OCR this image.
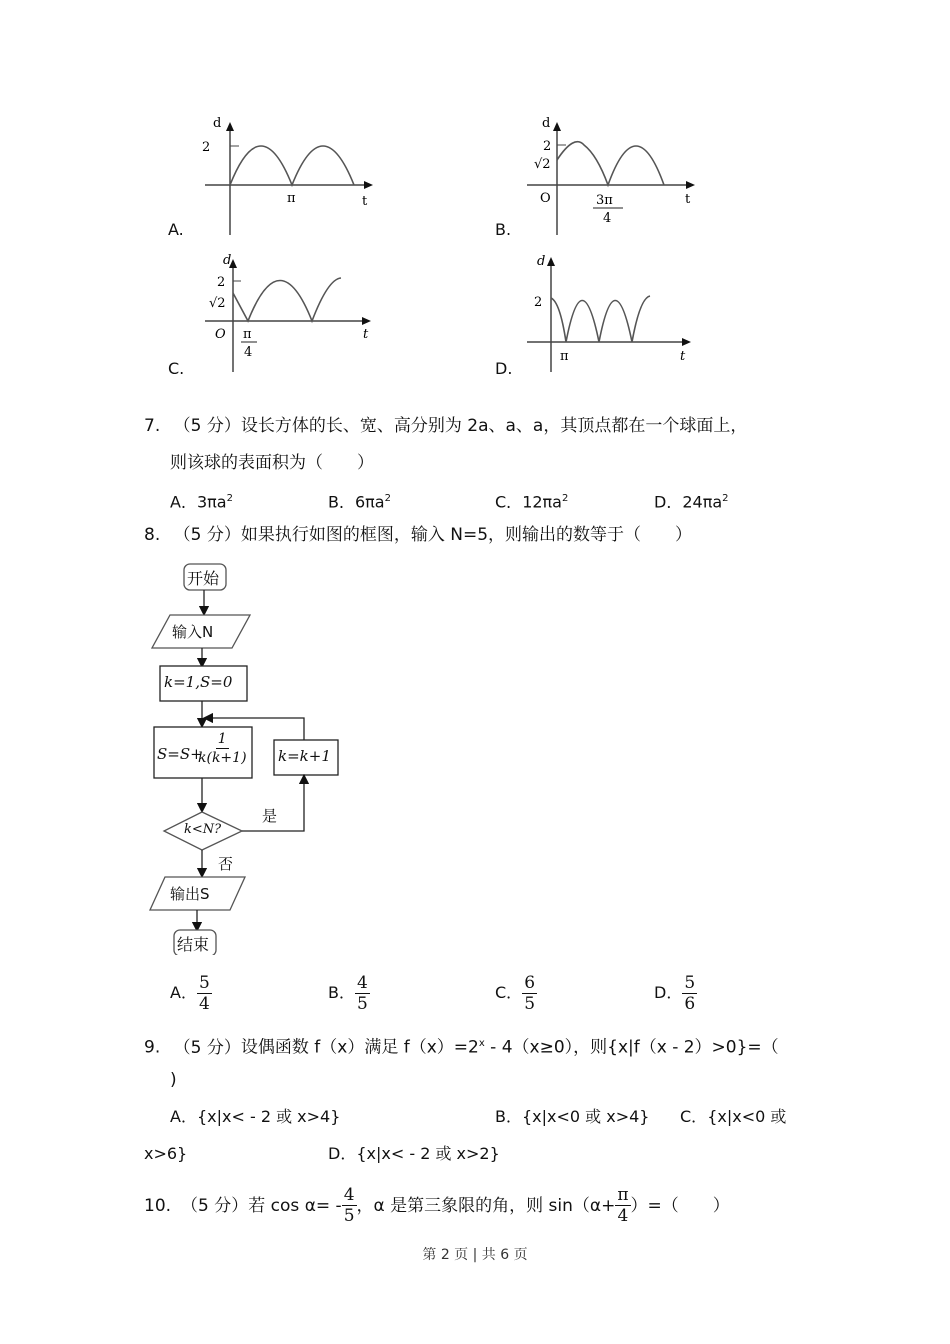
d
2
π	t
A.
d
2
√2
O	3π
4
t
B.
d
2
√2
O π
4
t
C.
d
2
π	t
D.
7. （5 分）设长方体的长、宽、高分别为 2a、a、a，其顶点都在一个球面上，
则该球的表面积为（　　）
A．$3\pi a^2$	B．$6\pi a^2$	C．$12\pi a^2$	D．$24\pi a^2$
8. （5 分）如果执行如图的框图，输入 N=5，则输出的数等于（　　）
开始
输入N
k=1,S=0
S=S+
$\frac{1}{k(k+1)} k=k+1$
k<N?
是
否
输出S
结束
A． $\frac{5}{4}$	B． $\frac{4}{5}$	C． $\frac{6}{5}$	D． $\frac{5}{6}$
9. （5 分）设偶函数 f（x）满足 $f(x)=2^x - 4(x\ge 0)$，则{x|f（x - 2）>0}=（
)
A．{x|x< - 2 或 x>4}	B．{x|x<0 或 x>4} C．{x|x<0 或
x>6}	D．{x|x< - 2 或 x>2}
10. （5 分） 若 $\cos \alpha= - \frac{4}{5}$ ，α 是第三象限的角，则 $\sin(\alpha+ \frac{\pi}{4}$ ）=（　　）
第 2 页 | 共 6 页
